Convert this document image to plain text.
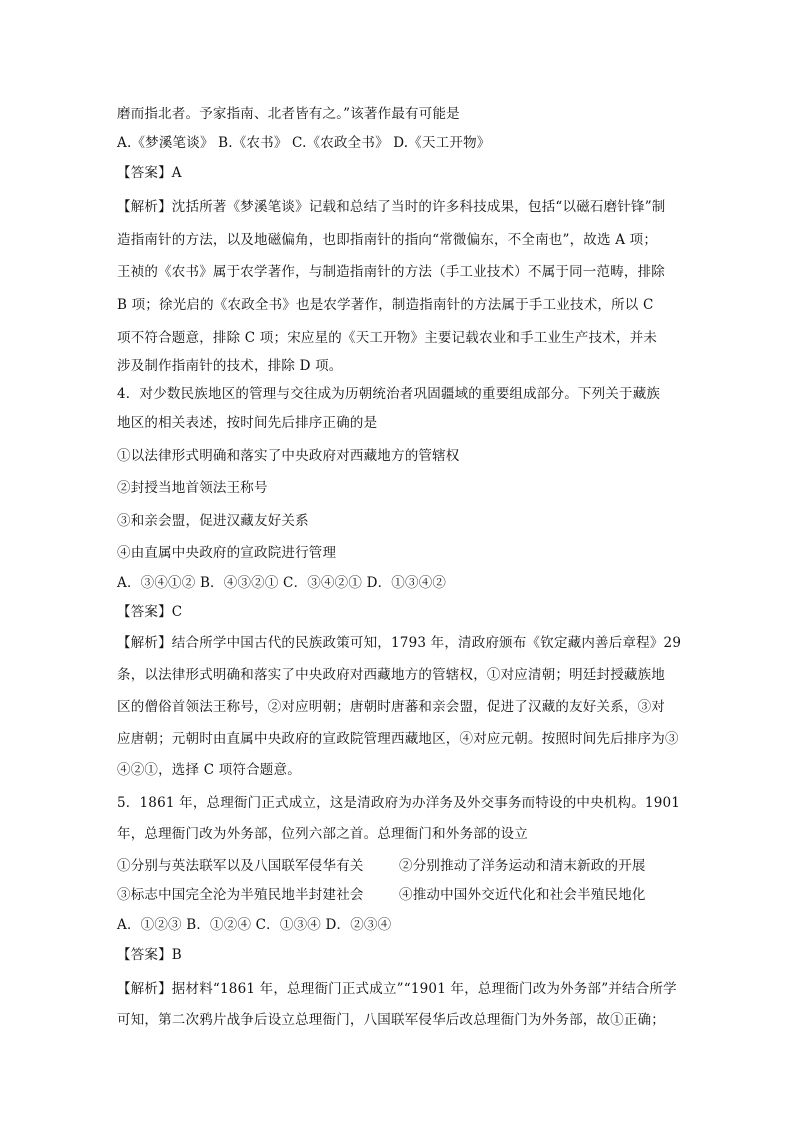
磨而指北者。予家指南、北者皆有之。”该著作最有可能是
A.《梦溪笔谈》 B.《农书》 C.《农政全书》 D.《天工开物》
【答案】A
【解析】沈括所著《梦溪笔谈》记载和总结了当时的许多科技成果，包括“以磁石磨针锋”制
造指南针的方法，以及地磁偏角，也即指南针的指向“常微偏东，不全南也”，故选 A 项；
王祯的《农书》属于农学著作，与制造指南针的方法（手工业技术）不属于同一范畴，排除
B 项；徐光启的《农政全书》也是农学著作，制造指南针的方法属于手工业技术，所以 C
项不符合题意，排除 C 项；宋应星的《天工开物》主要记载农业和手工业生产技术，并未
涉及制作指南针的技术，排除 D 项。
4．对少数民族地区的管理与交往成为历朝统治者巩固疆域的重要组成部分。下列关于藏族
地区的相关表述，按时间先后排序正确的是
①以法律形式明确和落实了中央政府对西藏地方的管辖权
②封授当地首领法王称号
③和亲会盟，促进汉藏友好关系
④由直属中央政府的宣政院进行管理
A．③④①② B．④③②① C．③④②① D．①③④②
【答案】C
【解析】结合所学中国古代的民族政策可知，1793 年，清政府颁布《钦定藏内善后章程》29
条，以法律形式明确和落实了中央政府对西藏地方的管辖权，①对应清朝；明廷封授藏族地
区的僧俗首领法王称号，②对应明朝；唐朝时唐蕃和亲会盟，促进了汉藏的友好关系，③对
应唐朝；元朝时由直属中央政府的宣政院管理西藏地区，④对应元朝。按照时间先后排序为③
④②①，选择 C 项符合题意。
5．1861 年，总理衙门正式成立，这是清政府为办洋务及外交事务而特设的中央机构。1901
年，总理衙门改为外务部，位列六部之首。总理衙门和外务部的设立
①分别与英法联军以及八国联军侵华有关	②分别推动了洋务运动和清末新政的开展
③标志中国完全沦为半殖民地半封建社会	④推动中国外交近代化和社会半殖民地化
A．①②③ B．①②④ C．①③④ D．②③④
【答案】B
【解析】据材料“1861 年，总理衙门正式成立”“1901 年，总理衙门改为外务部”并结合所学
可知，第二次鸦片战争后设立总理衙门，八国联军侵华后改总理衙门为外务部，故①正确；
